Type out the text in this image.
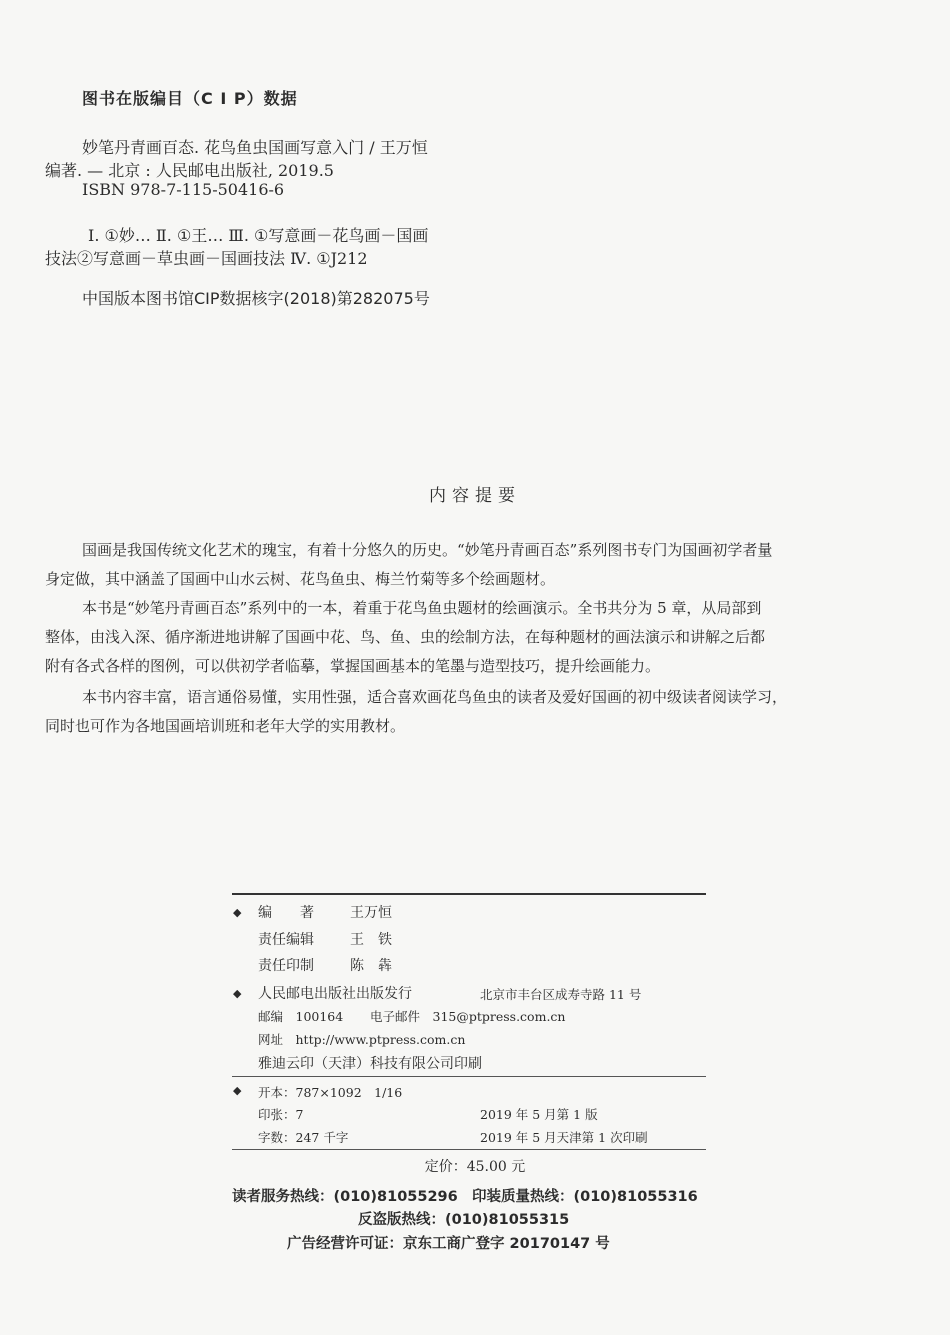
图书在版编目（C I P）数据
妙笔丹青画百态. 花鸟鱼虫国画写意入门 / 王万恒
编著. — 北京 : 人民邮电出版社, 2019.5
ISBN 978-7-115-50416-6
Ⅰ. ①妙… Ⅱ. ①王… Ⅲ. ①写意画－花鸟画－国画
技法②写意画－草虫画－国画技法 Ⅳ. ①J212
中国版本图书馆CIP数据核字(2018)第282075号
内容提要
国画是我国传统文化艺术的瑰宝，有着十分悠久的历史。“妙笔丹青画百态”系列图书专门为国画初学者量
身定做，其中涵盖了国画中山水云树、花鸟鱼虫、梅兰竹菊等多个绘画题材。
本书是“妙笔丹青画百态”系列中的一本，着重于花鸟鱼虫题材的绘画演示。全书共分为 5 章，从局部到
整体，由浅入深、循序渐进地讲解了国画中花、鸟、鱼、虫的绘制方法，在每种题材的画法演示和讲解之后都
附有各式各样的图例，可以供初学者临摹，掌握国画基本的笔墨与造型技巧，提升绘画能力。
本书内容丰富，语言通俗易懂，实用性强，适合喜欢画花鸟鱼虫的读者及爱好国画的初中级读者阅读学习，
同时也可作为各地国画培训班和老年大学的实用教材。
◆ 编　　著	王万恒
责任编辑	王　铁
责任印制	陈　犇
◆ 人民邮电出版社出版发行	北京市丰台区成寿寺路 11 号
邮编　100164 电子邮件　315@ptpress.com.cn
网址　http://www.ptpress.com.cn
雅迪云印（天津）科技有限公司印刷
◆ 开本：787×1092　1/16
印张：7	2019 年 5 月第 1 版
字数：247 千字	2019 年 5 月天津第 1 次印刷
定价：45.00 元
读者服务热线：(010)81055296 印装质量热线：(010)81055316
反盗版热线：(010)81055315
广告经营许可证：京东工商广登字 20170147 号
